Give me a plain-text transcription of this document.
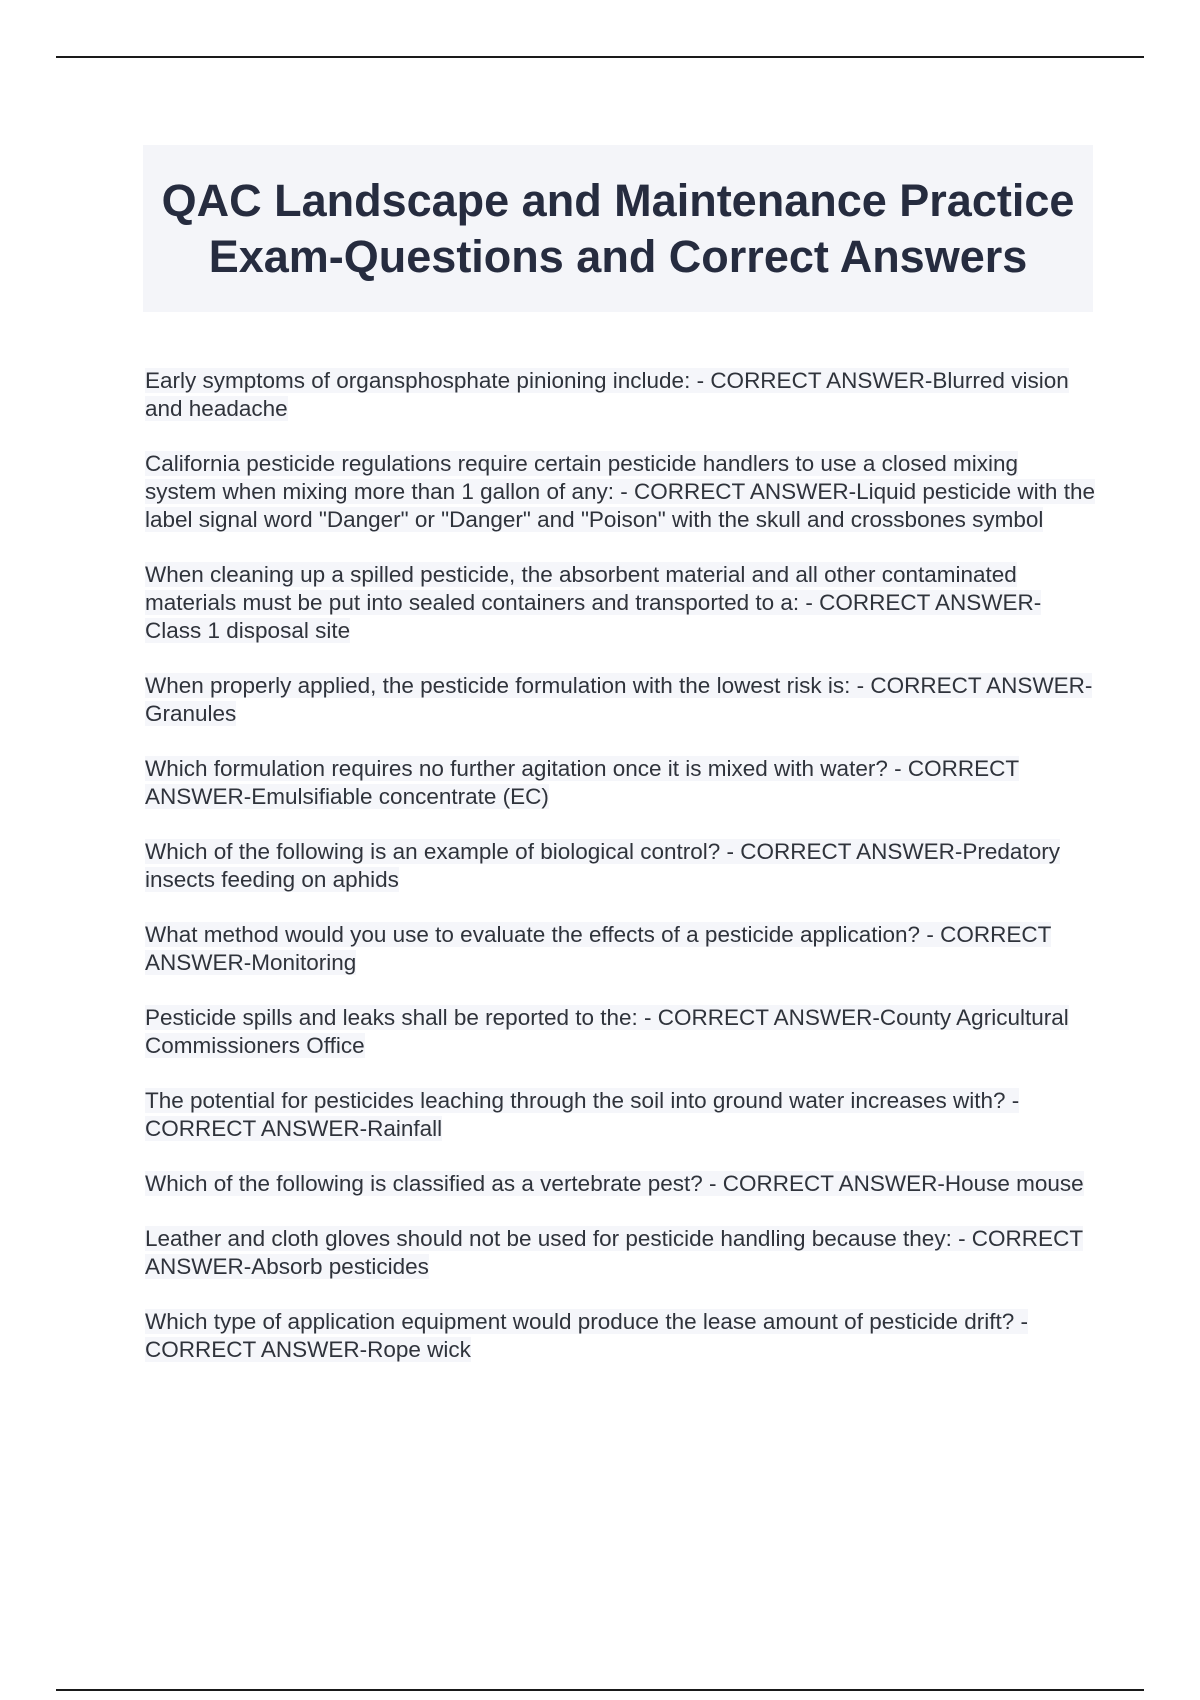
QAC Landscape and Maintenance Practice Exam-Questions and Correct Answers
Early symptoms of organsphosphate pinioning include: - CORRECT ANSWER-Blurred vision and headache
California pesticide regulations require certain pesticide handlers to use a closed mixing system when mixing more than 1 gallon of any: - CORRECT ANSWER-Liquid pesticide with the label signal word "Danger" or "Danger" and "Poison" with the skull and crossbones symbol
When cleaning up a spilled pesticide, the absorbent material and all other contaminated materials must be put into sealed containers and transported to a: - CORRECT ANSWER-Class 1 disposal site
When properly applied, the pesticide formulation with the lowest risk is: - CORRECT ANSWER-Granules
Which formulation requires no further agitation once it is mixed with water? - CORRECT ANSWER-Emulsifiable concentrate (EC)
Which of the following is an example of biological control? - CORRECT ANSWER-Predatory insects feeding on aphids
What method would you use to evaluate the effects of a pesticide application? - CORRECT ANSWER-Monitoring
Pesticide spills and leaks shall be reported to the: - CORRECT ANSWER-County Agricultural Commissioners Office
The potential for pesticides leaching through the soil into ground water increases with? - CORRECT ANSWER-Rainfall
Which of the following is classified as a vertebrate pest? - CORRECT ANSWER-House mouse
Leather and cloth gloves should not be used for pesticide handling because they: - CORRECT ANSWER-Absorb pesticides
Which type of application equipment would produce the lease amount of pesticide drift? - CORRECT ANSWER-Rope wick
